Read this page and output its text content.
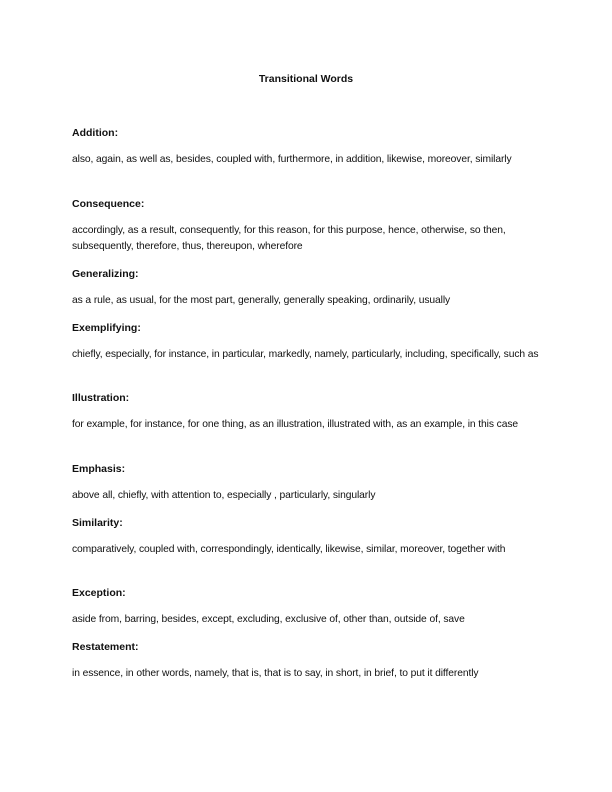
Transitional Words

Addition:

also, again, as well as, besides, coupled with, furthermore, in addition, likewise, moreover, similarly

Consequence:

accordingly, as a result, consequently, for this reason, for this purpose, hence, otherwise, so then, subsequently, therefore, thus, thereupon, wherefore

Generalizing:

as a rule, as usual, for the most part, generally, generally speaking, ordinarily, usually

Exemplifying:

chiefly, especially, for instance, in particular, markedly, namely, particularly, including, specifically, such as

Illustration:

for example, for instance, for one thing, as an illustration, illustrated with, as an example, in this case

Emphasis:

above all, chiefly, with attention to, especially , particularly, singularly

Similarity:

comparatively, coupled with, correspondingly, identically, likewise, similar, moreover, together with

Exception:

aside from, barring, besides, except, excluding, exclusive of, other than, outside of, save

Restatement:

in essence, in other words, namely, that is, that is to say, in short, in brief, to put it differently
